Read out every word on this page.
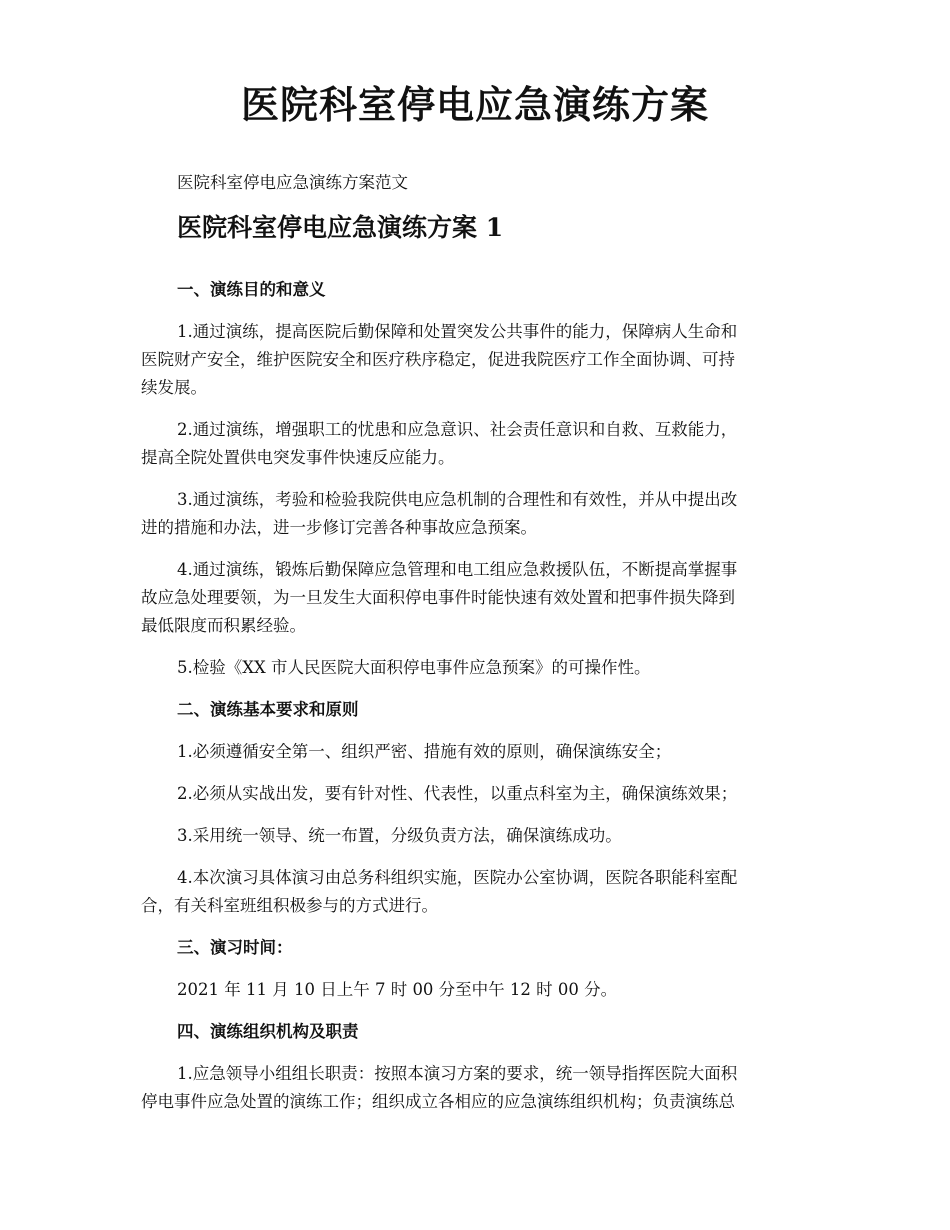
医院科室停电应急演练方案

医院科室停电应急演练方案范文

医院科室停电应急演练方案 1

一、演练目的和意义

1.通过演练，提高医院后勤保障和处置突发公共事件的能力，保障病人生命和
医院财产安全，维护医院安全和医疗秩序稳定，促进我院医疗工作全面协调、可持
续发展。

2.通过演练，增强职工的忧患和应急意识、社会责任意识和自救、互救能力，
提高全院处置供电突发事件快速反应能力。

3.通过演练，考验和检验我院供电应急机制的合理性和有效性，并从中提出改
进的措施和办法，进一步修订完善各种事故应急预案。

4.通过演练，锻炼后勤保障应急管理和电工组应急救援队伍，不断提高掌握事
故应急处理要领，为一旦发生大面积停电事件时能快速有效处置和把事件损失降到
最低限度而积累经验。

5.检验《XX 市人民医院大面积停电事件应急预案》的可操作性。

二、演练基本要求和原则

1.必须遵循安全第一、组织严密、措施有效的原则，确保演练安全；

2.必须从实战出发，要有针对性、代表性，以重点科室为主，确保演练效果；

3.采用统一领导、统一布置，分级负责方法，确保演练成功。

4.本次演习具体演习由总务科组织实施，医院办公室协调，医院各职能科室配
合，有关科室班组积极参与的方式进行。

三、演习时间：

2021 年 11 月 10 日上午 7 时 00 分至中午 12 时 00 分。

四、演练组织机构及职责

1.应急领导小组组长职责：按照本演习方案的要求，统一领导指挥医院大面积
停电事件应急处置的演练工作；组织成立各相应的应急演练组织机构；负责演练总
